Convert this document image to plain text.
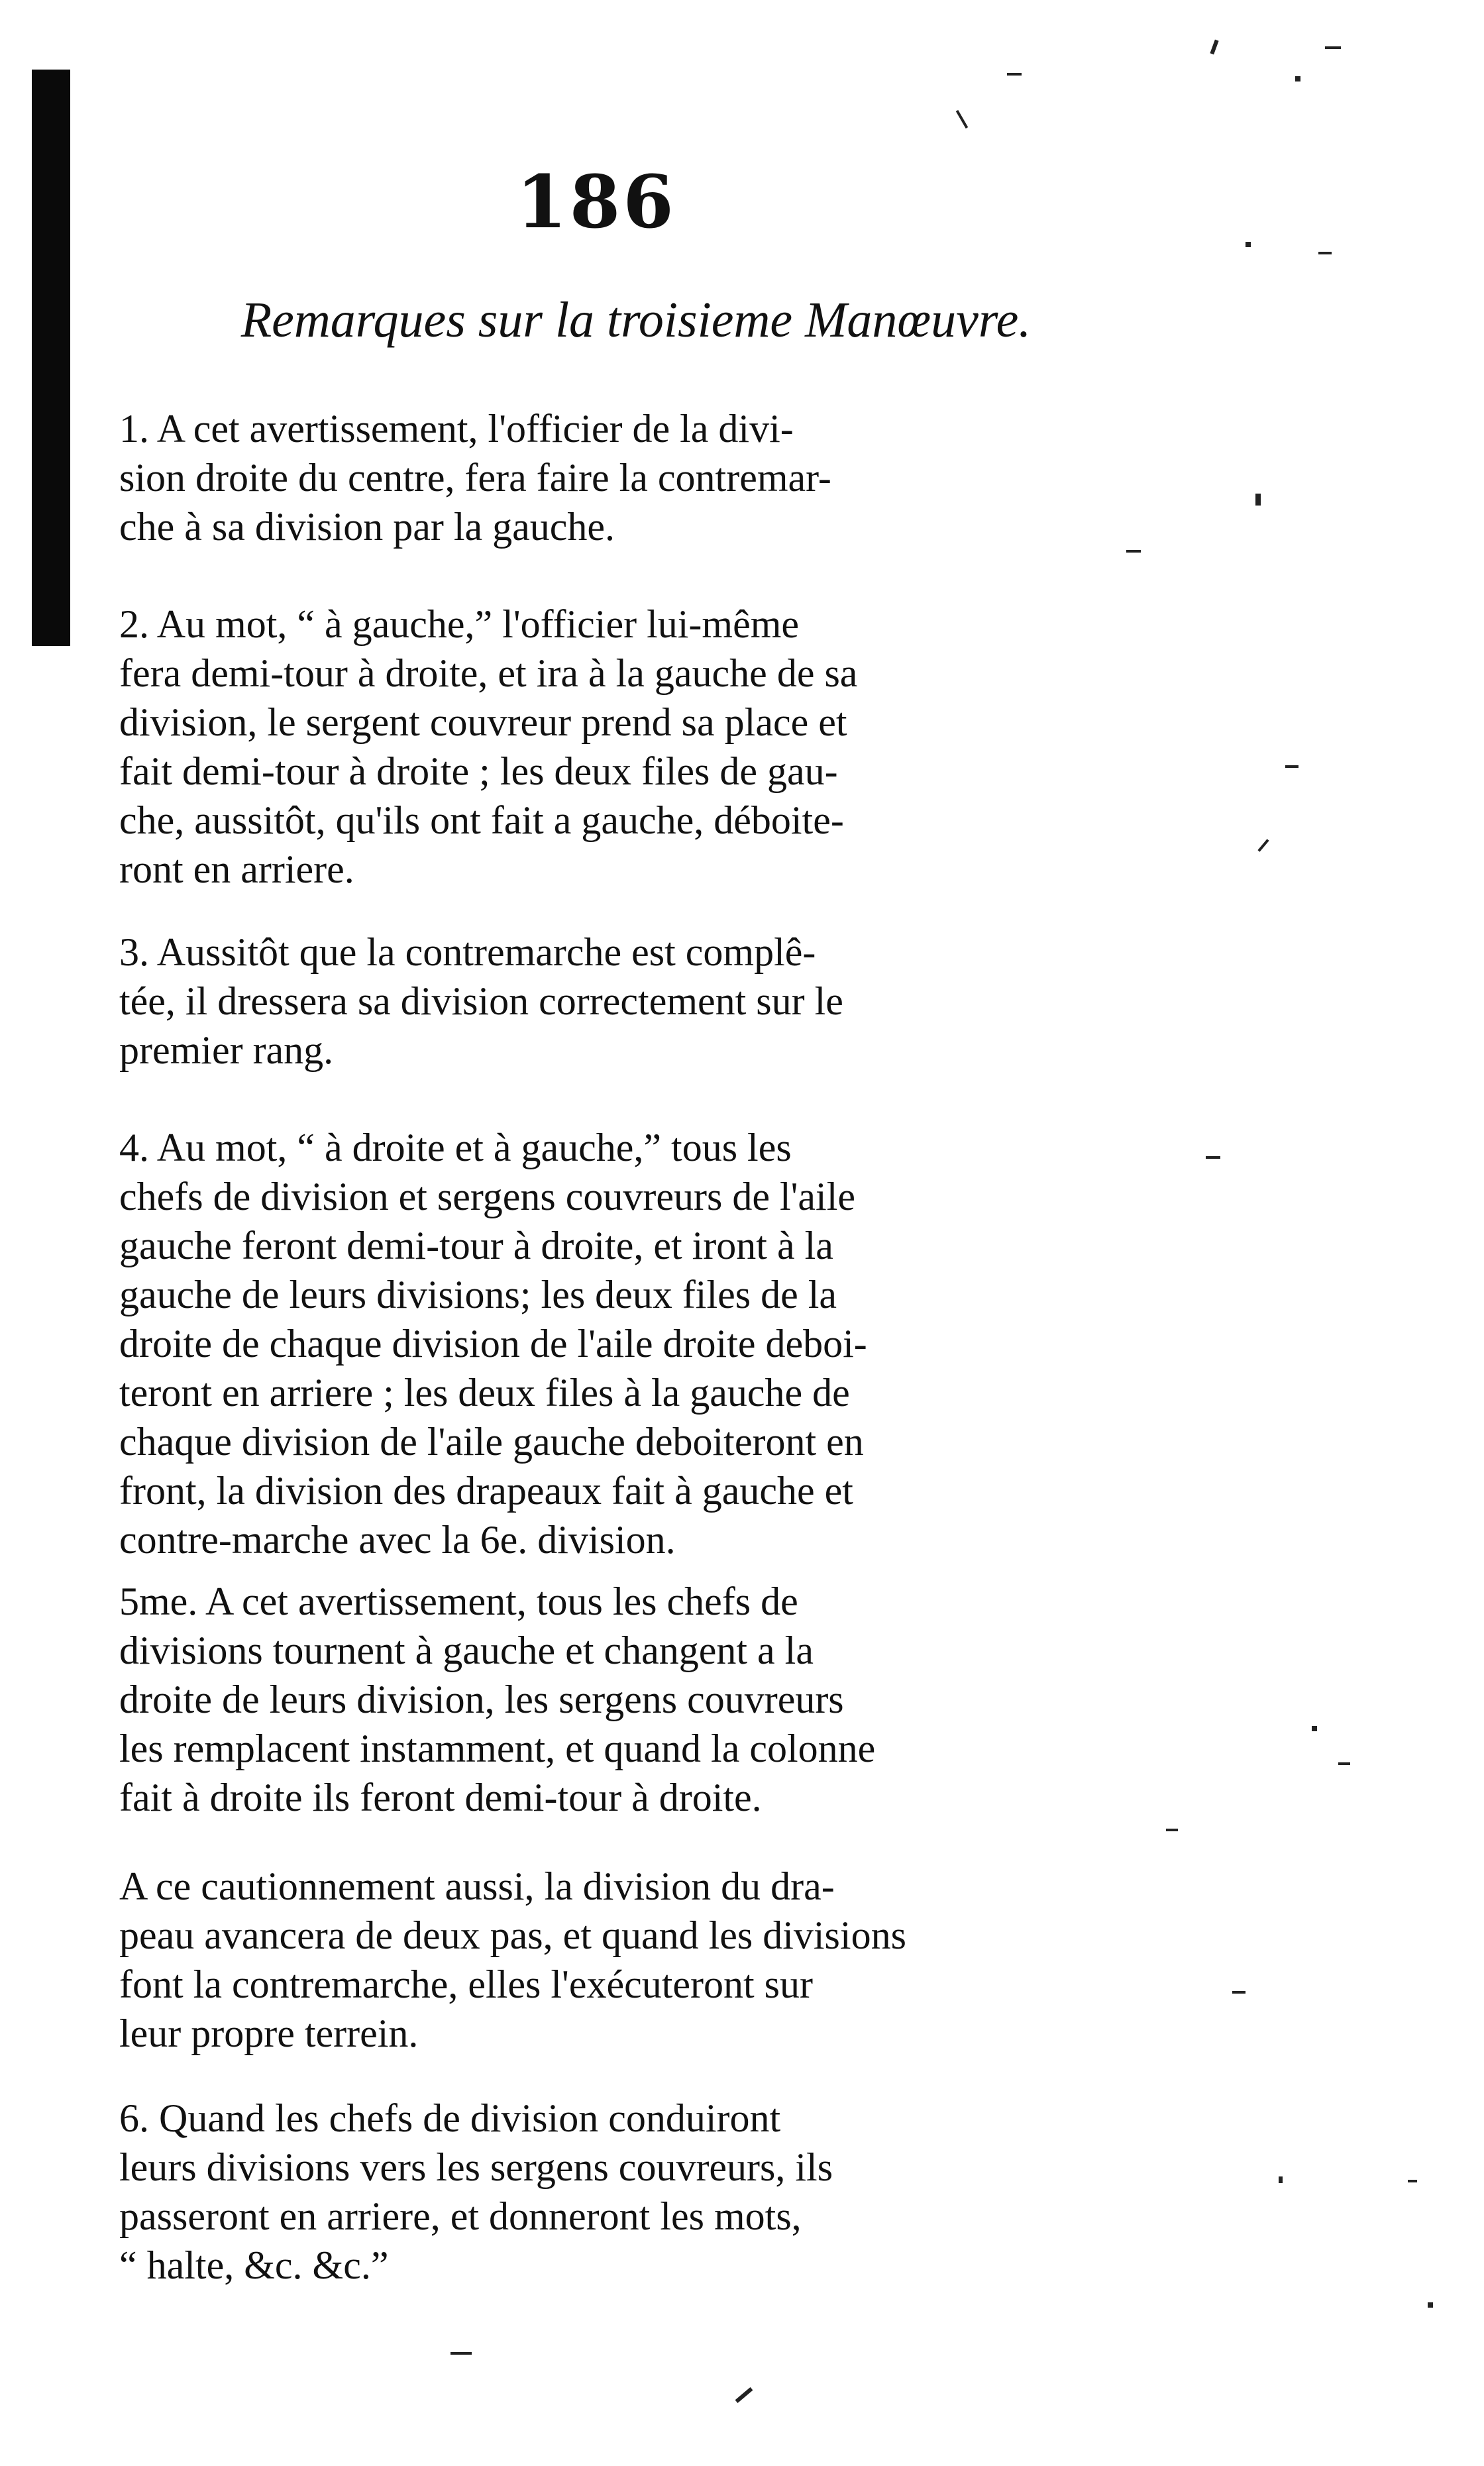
186
Remarques sur la troisieme Manœuvre.
1. A cet avertissement, l'officier de la divi-
sion droite du centre, fera faire la contremar-
che à sa division par la gauche.
2. Au mot, “ à gauche,” l'officier lui-même
fera demi-tour à droite, et ira à la gauche de sa
division, le sergent couvreur prend sa place et
fait demi-tour à droite ; les deux files de gau-
che, aussitôt, qu'ils ont fait a gauche, déboite-
ront en arriere.
3. Aussitôt que la contremarche est complê-
tée, il dressera sa division correctement sur le
premier rang.
4. Au mot, “ à droite et à gauche,” tous les
chefs de division et sergens couvreurs de l'aile
gauche feront demi-tour à droite, et iront à la
gauche de leurs divisions; les deux files de la
droite de chaque division de l'aile droite deboi-
teront en arriere ; les deux files à la gauche de
chaque division de l'aile gauche deboiteront en
front, la division des drapeaux fait à gauche et
contre-marche avec la 6e. division.
5me. A cet avertissement, tous les chefs de
divisions tournent à gauche et changent a la
droite de leurs division, les sergens couvreurs
les remplacent instamment, et quand la colonne
fait à droite ils feront demi-tour à droite.
A ce cautionnement aussi, la division du dra-
peau avancera de deux pas, et quand les divisions
font la contremarche, elles l'exécuteront sur
leur propre terrein.
6. Quand les chefs de division conduiront
leurs divisions vers les sergens couvreurs, ils
passeront en arriere, et donneront les mots,
“ halte, &c. &c.”
